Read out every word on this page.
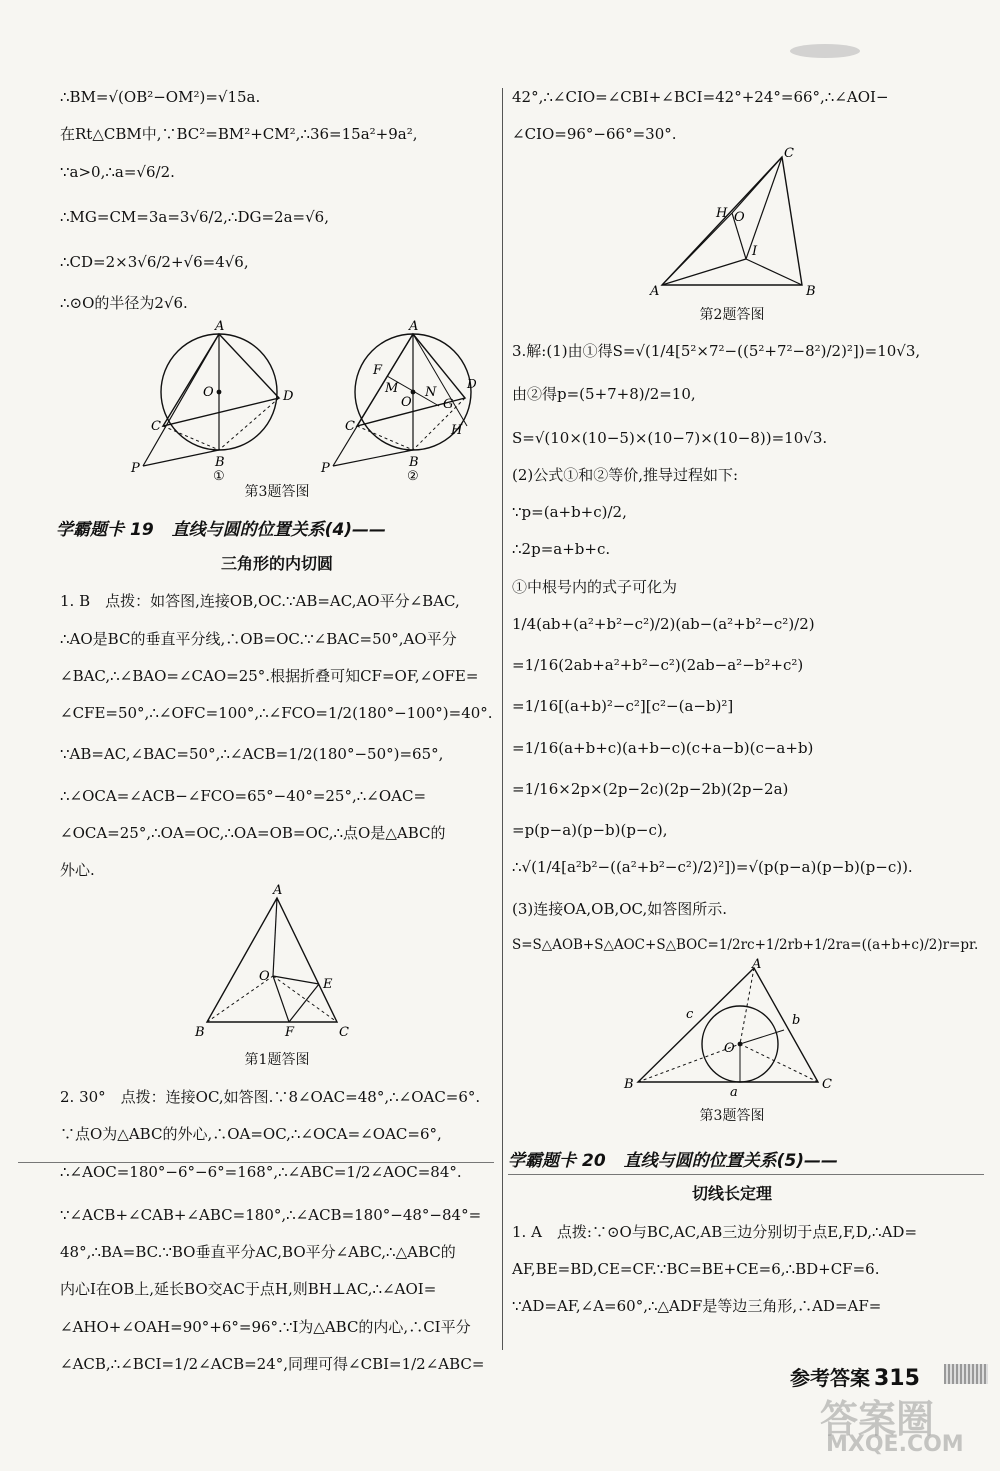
∴BM=√(OB²−OM²)=√15a.
在Rt△CBM中,∵BC²=BM²+CM²,∴36=15a²+9a²,
∵a>0,∴a=√6/2.
∴MG=CM=3a=3√6/2,∴DG=2a=√6,
∴CD=2×3√6/2+√6=4√6,
∴⊙O的半径为2√6.
A
O	D
C
P	B
①
A
F
D
M
O
N
G
C	H
P	B
②
第3题答图
学霸题卡 19 直线与圆的位置关系(4)——
三角形的内切圆
1. B　点拨：如答图,连接OB,OC.∵AB=AC,AO平分∠BAC,
∴AO是BC的垂直平分线,∴OB=OC.∵∠BAC=50°,AO平分
∠BAC,∴∠BAO=∠CAO=25°.根据折叠可知CF=OF,∠OFE=
∠CFE=50°,∴∠OFC=100°,∴∠FCO=1/2(180°−100°)=40°.
∵AB=AC,∠BAC=50°,∴∠ACB=1/2(180°−50°)=65°,
∴∠OCA=∠ACB−∠FCO=65°−40°=25°,∴∠OAC=
∠OCA=25°,∴OA=OC,∴OA=OB=OC,∴点O是△ABC的
外心.
A
O
E
B	F	C
第1题答图
2. 30°　点拨：连接OC,如答图.∵8∠OAC=48°,∴∠OAC=6°.
∵点O为△ABC的外心,∴OA=OC,∴∠OCA=∠OAC=6°,
∴∠AOC=180°−6°−6°=168°,∴∠ABC=1/2∠AOC=84°.
∵∠ACB+∠CAB+∠ABC=180°,∴∠ACB=180°−48°−84°=
48°,∴BA=BC.∵BO垂直平分AC,BO平分∠ABC,∴△ABC的
内心I在OB上,延长BO交AC于点H,则BH⊥AC,∴∠AOI=
∠AHO+∠OAH=90°+6°=96°.∵I为△ABC的内心,∴CI平分
∠ACB,∴∠BCI=1/2∠ACB=24°,同理可得∠CBI=1/2∠ABC=
42°,∴∠CIO=∠CBI+∠BCI=42°+24°=66°,∴∠AOI−
∠CIO=96°−66°=30°.
C
H O
I
A	B
第2题答图
3.解:(1)由①得S=√(1/4[5²×7²−((5²+7²−8²)/2)²])=10√3,
由②得p=(5+7+8)/2=10,
S=√(10×(10−5)×(10−7)×(10−8))=10√3.
(2)公式①和②等价,推导过程如下:
∵p=(a+b+c)/2,
∴2p=a+b+c.
①中根号内的式子可化为
1/4(ab+(a²+b²−c²)/2)(ab−(a²+b²−c²)/2)
=1/16(2ab+a²+b²−c²)(2ab−a²−b²+c²)
=1/16[(a+b)²−c²][c²−(a−b)²]
=1/16(a+b+c)(a+b−c)(c+a−b)(c−a+b)
=1/16×2p×(2p−2c)(2p−2b)(2p−2a)
=p(p−a)(p−b)(p−c),
∴√(1/4[a²b²−((a²+b²−c²)/2)²])=√(p(p−a)(p−b)(p−c)).
(3)连接OA,OB,OC,如答图所示.
S=S△AOB+S△AOC+S△BOC=1/2rc+1/2rb+1/2ra=((a+b+c)/2)r=pr.
A
c	b
O
B
a
C
第3题答图
学霸题卡 20 直线与圆的位置关系(5)——
切线长定理
1. A　点拨:∵⊙O与BC,AC,AB三边分别切于点E,F,D,∴AD=
AF,BE=BD,CE=CF.∵BC=BE+CE=6,∴BD+CF=6.
∵AD=AF,∠A=60°,∴△ADF是等边三角形,∴AD=AF=
参考答案 315
答案圈
MXQE.COM
